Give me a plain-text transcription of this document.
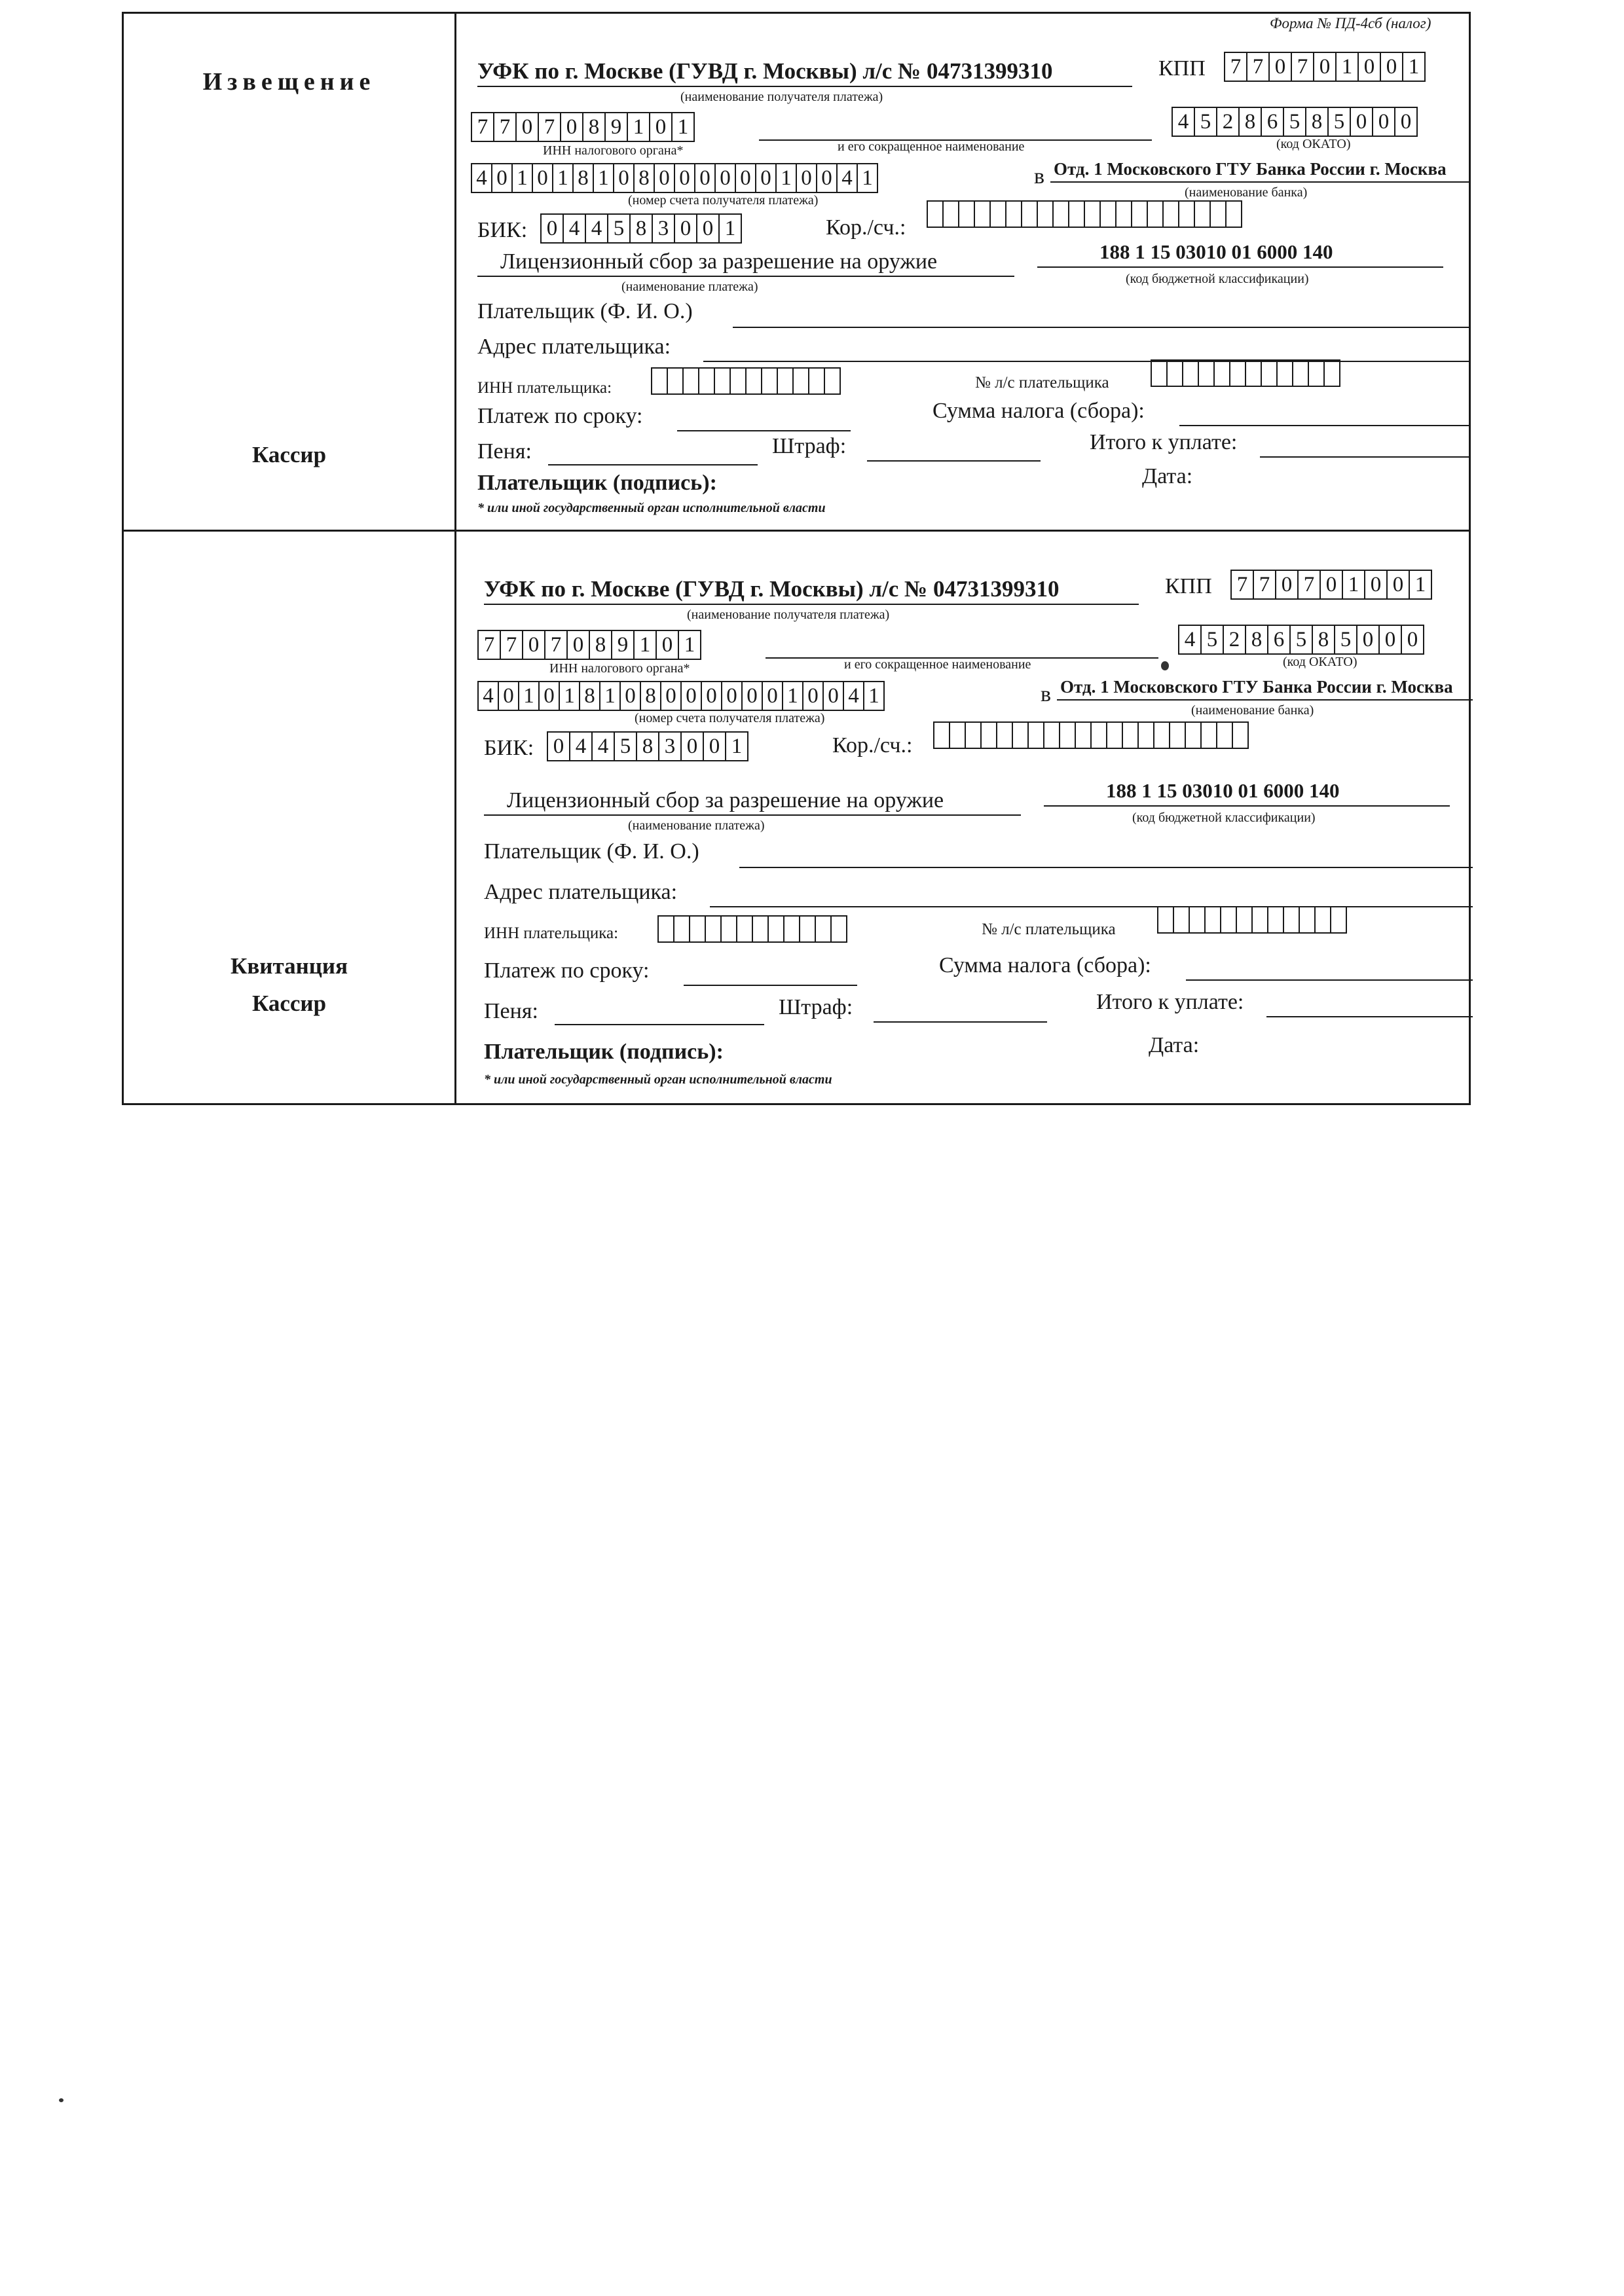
Извещение
Кассир
Квитанция
Кассир
Форма № ПД-4сб (налог)
УФК по г. Москве (ГУВД г. Москвы) л/с № 04731399310	КПП 7 7 0 7 0 1 0 0 1
(наименование получателя платежа)
7 7 0 7 0 8 9 1 0 1	4 5 2 8 6 5 8 5 0 0 0
ИНН налогового органа*	и его сокращенное наименование	(код ОКАТО)
4 0 1 0 1 8 1 0 8 0 0 0 0 0 0 1 0 0 4 1	в Отд. 1 Московского ГТУ Банка России г. Москва
(номер счета получателя платежа)
(наименование банка)
БИК: 0 4 4 5 8 3 0 0 1	Кор./сч.:
Лицензионный сбор за разрешение на оружие	188 1 15 03010 01 6000 140
(наименование платежа)
(код бюджетной классификации)
Плательщик (Ф. И. О.)
Адрес плательщика:
ИНН плательщика:	№ л/с плательщика
Платеж по сроку:	Сумма налога (сбора):
Пеня:	Штраф:	Итого к уплате:
Плательщик (подпись):	Дата:
* или иной государственный орган исполнительной власти
УФК по г. Москве (ГУВД г. Москвы) л/с № 04731399310	КПП 7 7 0 7 0 1 0 0 1
(наименование получателя платежа)
7 7 0 7 0 8 9 1 0 1	4 5 2 8 6 5 8 5 0 0 0
ИНН налогового органа*	и его сокращенное наименование	(код ОКАТО)
4 0 1 0 1 8 1 0 8 0 0 0 0 0 0 1 0 0 4 1	в Отд. 1 Московского ГТУ Банка России г. Москва
(номер счета получателя платежа)
(наименование банка)
БИК: 0 4 4 5 8 3 0 0 1	Кор./сч.:
Лицензионный сбор за разрешение на оружие	188 1 15 03010 01 6000 140
(наименование платежа)
(код бюджетной классификации)
Плательщик (Ф. И. О.)
Адрес плательщика:
ИНН плательщика:	№ л/с плательщика
Платеж по сроку:	Сумма налога (сбора):
Пеня:	Штраф:	Итого к уплате:
Плательщик (подпись):	Дата:
* или иной государственный орган исполнительной власти
